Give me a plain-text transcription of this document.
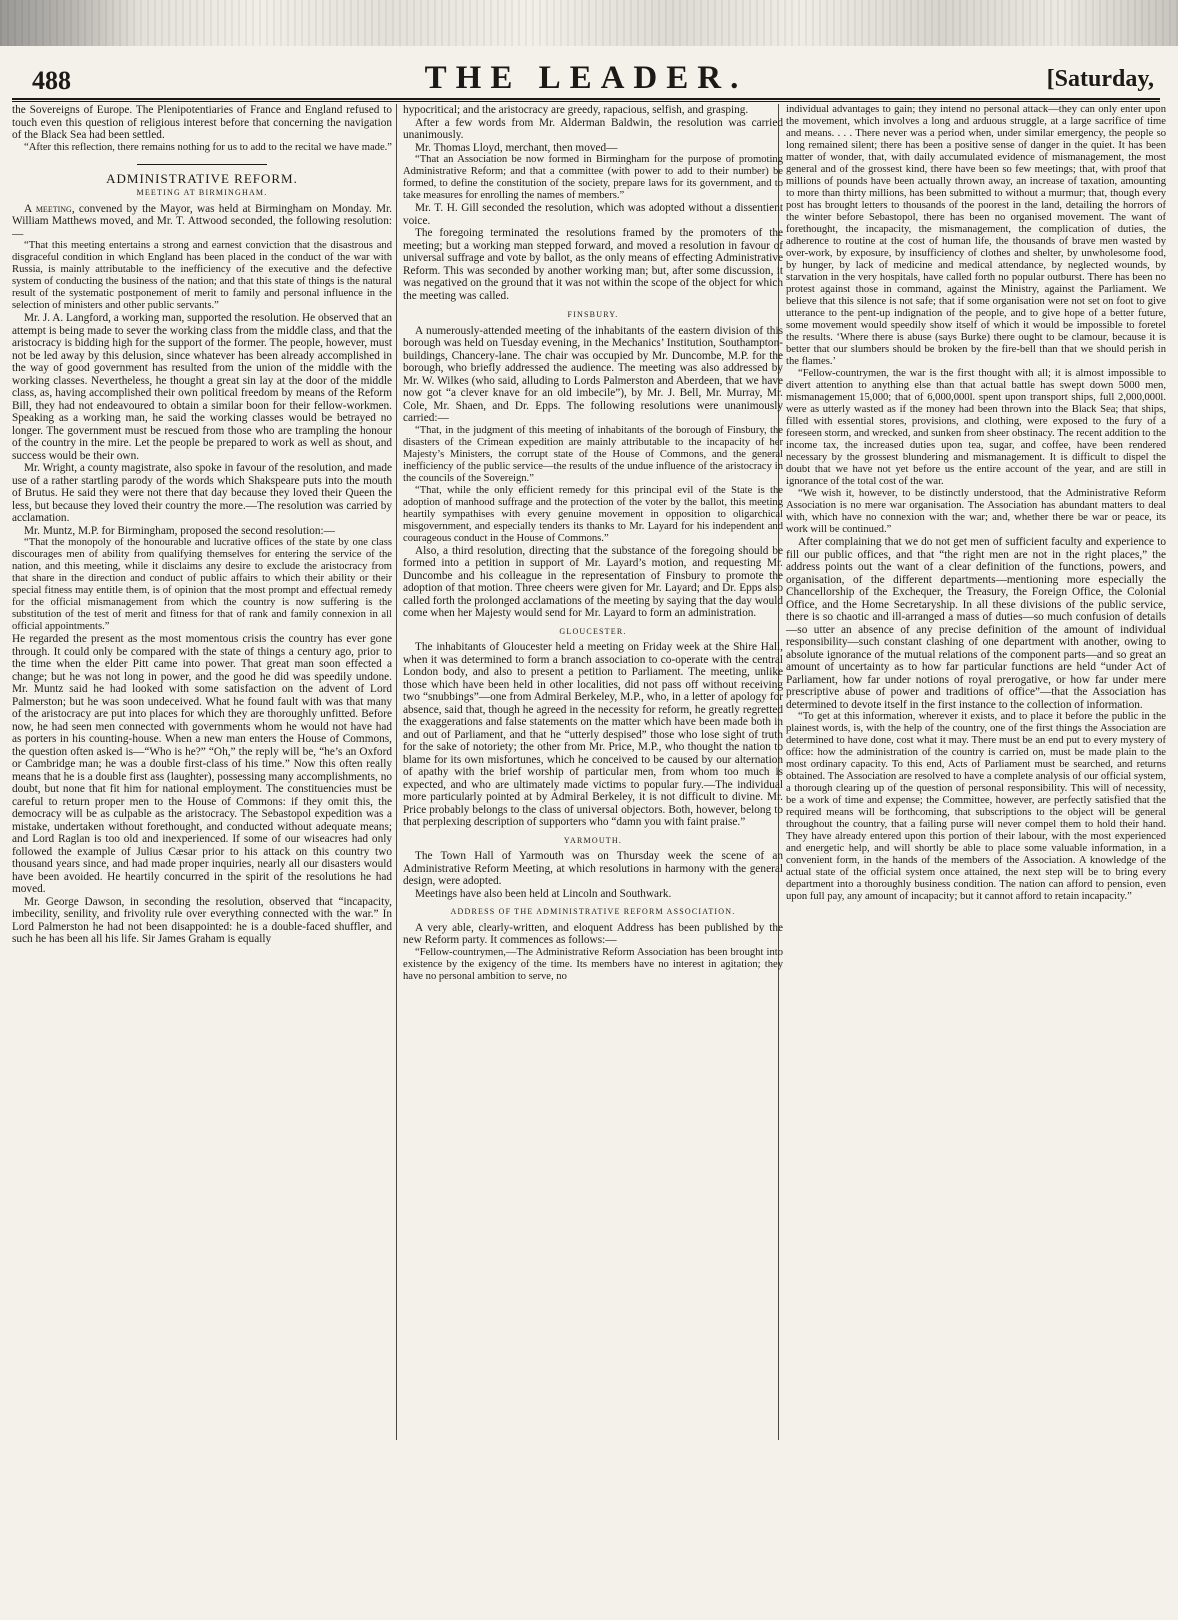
488	THE LEADER.	[Saturday,

the Sovereigns of Europe. The Plenipotentiaries of France and England refused to touch even this question of religious interest before that concerning the navigation of the Black Sea had been settled.

“After this reflection, there remains nothing for us to add to the recital we have made.”

ADMINISTRATIVE REFORM.
MEETING AT BIRMINGHAM.

A meeting, convened by the Mayor, was held at Birmingham on Monday. Mr. William Matthews moved, and Mr. T. Attwood seconded, the following resolution:—

“That this meeting entertains a strong and earnest conviction that the disastrous and disgraceful condition in which England has been placed in the conduct of the war with Russia, is mainly attributable to the inefficiency of the executive and the defective system of conducting the business of the nation; and that this state of things is the natural result of the systematic postponement of merit to family and personal influence in the selection of ministers and other public servants.”

Mr. J. A. Langford, a working man, supported the resolution. He observed that an attempt is being made to sever the working class from the middle class, and that the aristocracy is bidding high for the support of the former. The people, however, must not be led away by this delusion, since whatever has been already accomplished in the way of good government has resulted from the union of the middle with the working classes. Nevertheless, he thought a great sin lay at the door of the middle class, as, having accomplished their own political freedom by means of the Reform Bill, they had not endeavoured to obtain a similar boon for their fellow-workmen. Speaking as a working man, he said the working classes would be betrayed no longer. The government must be rescued from those who are trampling the honour of the country in the mire. Let the people be prepared to work as well as shout, and success would be their own.

Mr. Wright, a county magistrate, also spoke in favour of the resolution, and made use of a rather startling parody of the words which Shakspeare puts into the mouth of Brutus. He said they were not there that day because they loved their Queen the less, but because they loved their country the more.—The resolution was carried by acclamation.

Mr. Muntz, M.P. for Birmingham, proposed the second resolution:—

“That the monopoly of the honourable and lucrative offices of the state by one class discourages men of ability from qualifying themselves for entering the service of the nation, and this meeting, while it disclaims any desire to exclude the aristocracy from that share in the direction and conduct of public affairs to which their ability or their special fitness may entitle them, is of opinion that the most prompt and effectual remedy for the official mismanagement from which the country is now suffering is the substitution of the test of merit and fitness for that of rank and family connexion in all official appointments.”

He regarded the present as the most momentous crisis the country has ever gone through. It could only be compared with the state of things a century ago, prior to the time when the elder Pitt came into power. That great man soon effected a change; but he was not long in power, and the good he did was speedily undone. Mr. Muntz said he had looked with some satisfaction on the advent of Lord Palmerston; but he was soon undeceived. What he found fault with was that many of the aristocracy are put into places for which they are thoroughly unfitted. Before now, he had seen men connected with governments whom he would not have had as porters in his counting-house. When a new man enters the House of Commons, the question often asked is—“Who is he?” “Oh,” the reply will be, “he’s an Oxford or Cambridge man; he was a double first-class of his time.” Now this often really means that he is a double first ass (laughter), possessing many accomplishments, no doubt, but none that fit him for national employment. The constituencies must be careful to return proper men to the House of Commons: if they omit this, the democracy will be as culpable as the aristocracy. The Sebastopol expedition was a mistake, undertaken without forethought, and conducted without adequate means; and Lord Raglan is too old and inexperienced. If some of our wiseacres had only followed the example of Julius Cæsar prior to his attack on this country two thousand years since, and had made proper inquiries, nearly all our disasters would have been avoided. He heartily concurred in the spirit of the resolutions he had moved.

Mr. George Dawson, in seconding the resolution, observed that “incapacity, imbecility, senility, and frivolity rule over everything connected with the war.” In Lord Palmerston he had not been disappointed: he is a double-faced shuffler, and such he has been all his life. Sir James Graham is equally

hypocritical; and the aristocracy are greedy, rapacious, selfish, and grasping.

After a few words from Mr. Alderman Baldwin, the resolution was carried unanimously.

Mr. Thomas Lloyd, merchant, then moved—

“That an Association be now formed in Birmingham for the purpose of promoting Administrative Reform; and that a committee (with power to add to their number) be formed, to define the constitution of the society, prepare laws for its government, and to take measures for enrolling the names of members.”

Mr. T. H. Gill seconded the resolution, which was adopted without a dissentient voice.

The foregoing terminated the resolutions framed by the promoters of the meeting; but a working man stepped forward, and moved a resolution in favour of universal suffrage and vote by ballot, as the only means of effecting Administrative Reform. This was seconded by another working man; but, after some discussion, it was negatived on the ground that it was not within the scope of the object for which the meeting was called.

FINSBURY.

A numerously-attended meeting of the inhabitants of the eastern division of this borough was held on Tuesday evening, in the Mechanics’ Institution, Southampton-buildings, Chancery-lane. The chair was occupied by Mr. Duncombe, M.P. for the borough, who briefly addressed the audience. The meeting was also addressed by Mr. W. Wilkes (who said, alluding to Lords Palmerston and Aberdeen, that we have now got “a clever knave for an old imbecile”), by Mr. J. Bell, Mr. Murray, Mr. Cole, Mr. Shaen, and Dr. Epps. The following resolutions were unanimously carried:—

“That, in the judgment of this meeting of inhabitants of the borough of Finsbury, the disasters of the Crimean expedition are mainly attributable to the incapacity of her Majesty’s Ministers, the corrupt state of the House of Commons, and the general inefficiency of the public service—the results of the undue influence of the aristocracy in the councils of the Sovereign.”

“That, while the only efficient remedy for this principal evil of the State is the adoption of manhood suffrage and the protection of the voter by the ballot, this meeting heartily sympathises with every genuine movement in opposition to oligarchical misgovernment, and especially tenders its thanks to Mr. Layard for his independent and courageous conduct in the House of Commons.”

Also, a third resolution, directing that the substance of the foregoing should be formed into a petition in support of Mr. Layard’s motion, and requesting Mr. Duncombe and his colleague in the representation of Finsbury to promote the adoption of that motion. Three cheers were given for Mr. Layard; and Dr. Epps also called forth the prolonged acclamations of the meeting by saying that the day would come when her Majesty would send for Mr. Layard to form an administration.

GLOUCESTER.

The inhabitants of Gloucester held a meeting on Friday week at the Shire Hall, when it was determined to form a branch association to co-operate with the central London body, and also to present a petition to Parliament. The meeting, unlike those which have been held in other localities, did not pass off without receiving two “snubbings”—one from Admiral Berkeley, M.P., who, in a letter of apology for absence, said that, though he agreed in the necessity for reform, he greatly regretted the exaggerations and false statements on the matter which have been made both in and out of Parliament, and that he “utterly despised” those who lose sight of truth for the sake of notoriety; the other from Mr. Price, M.P., who thought the nation to blame for its own misfortunes, which he conceived to be caused by our alternation of apathy with the brief worship of particular men, from whom too much is expected, and who are ultimately made victims to popular fury.—The individual more particularly pointed at by Admiral Berkeley, it is not difficult to divine. Mr. Price probably belongs to the class of universal objectors. Both, however, belong to that perplexing description of supporters who “damn you with faint praise.”

YARMOUTH.

The Town Hall of Yarmouth was on Thursday week the scene of an Administrative Reform Meeting, at which resolutions in harmony with the general design, were adopted.

Meetings have also been held at Lincoln and Southwark.

ADDRESS OF THE ADMINISTRATIVE REFORM ASSOCIATION.

A very able, clearly-written, and eloquent Address has been published by the new Reform party. It commences as follows:—

“Fellow-countrymen,—The Administrative Reform Association has been brought into existence by the exigency of the time. Its members have no interest in agitation; they have no personal ambition to serve, no

individual advantages to gain; they intend no personal attack—they can only enter upon the movement, which involves a long and arduous struggle, at a large sacrifice of time and means. . . . There never was a period when, under similar emergency, the people so long remained silent; there has been a positive sense of danger in the quiet. It has been matter of wonder, that, with daily accumulated evidence of mismanagement, the most general and of the grossest kind, there have been so few meetings; that, with proof that millions of pounds have been actually thrown away, an increase of taxation, amounting to more than thirty millions, has been submitted to without a murmur; that, though every post has brought letters to thousands of the poorest in the land, detailing the horrors of the winter before Sebastopol, there has been no organised movement. The want of forethought, the incapacity, the mismanagement, the complication of duties, the adherence to routine at the cost of human life, the thousands of brave men wasted by over-work, by exposure, by insufficiency of clothes and shelter, by unwholesome food, by hunger, by lack of medicine and medical attendance, by neglected wounds, by starvation in the very hospitals, have called forth no popular outburst. There has been no protest against those in command, against the Ministry, against the Parliament. We believe that this silence is not safe; that if some organisation were not set on foot to give utterance to the pent-up indignation of the people, and to give hope of a better future, some movement would speedily show itself of which it would be impossible to foretel the results. ‘Where there is abuse (says Burke) there ought to be clamour, because it is better that our slumbers should be broken by the fire-bell than that we should perish in the flames.’

“Fellow-countrymen, the war is the first thought with all; it is almost impossible to divert attention to anything else than that actual battle has swept down 5000 men, mismanagement 15,000; that of 6,000,000l. spent upon transport ships, full 2,000,000l. were as utterly wasted as if the money had been thrown into the Black Sea; that ships, filled with essential stores, provisions, and clothing, were exposed to the fury of a foreseen storm, and wrecked, and sunken from sheer obstinacy. The recent addition to the income tax, the increased duties upon tea, sugar, and coffee, have been rendered necessary by the grossest blundering and mismanagement. It is difficult to dispel the doubt that we have not yet before us the entire account of the year, and are still in ignorance of the total cost of the war.

“We wish it, however, to be distinctly understood, that the Administrative Reform Association is no mere war organisation. The Association has abundant matters to deal with, which have no connexion with the war; and, whether there be war or peace, its work will be continued.”

After complaining that we do not get men of sufficient faculty and experience to fill our public offices, and that “the right men are not in the right places,” the address points out the want of a clear definition of the functions, powers, and organisation, of the different departments—mentioning more especially the Chancellorship of the Exchequer, the Treasury, the Foreign Office, the Colonial Office, and the Home Secretaryship. In all these divisions of the public service, there is so chaotic and ill-arranged a mass of duties—so much confusion of details—so utter an absence of any precise definition of the amount of individual responsibility—such constant clashing of one department with another, owing to absolute ignorance of the mutual relations of the component parts—and so great an amount of uncertainty as to how far particular functions are held “under Act of Parliament, how far under notions of royal prerogative, or how far under mere prescriptive abuse of power and traditions of office”—that the Association has determined to devote itself in the first instance to the collection of information.

“To get at this information, wherever it exists, and to place it before the public in the plainest words, is, with the help of the country, one of the first things the Association are determined to have done, cost what it may. There must be an end put to every mystery of office: how the administration of the country is carried on, must be made plain to the most ordinary capacity. To this end, Acts of Parliament must be searched, and returns obtained. The Association are resolved to have a complete analysis of our official system, a thorough clearing up of the question of personal responsibility. This will of necessity, be a work of time and expense; the Committee, however, are perfectly satisfied that the required means will be forthcoming, that subscriptions to the object will be general throughout the country, that a failing purse will never compel them to hold their hand. They have already entered upon this portion of their labour, with the most experienced and energetic help, and will shortly be able to place some valuable information, in a convenient form, in the hands of the members of the Association. A knowledge of the actual state of the official system once attained, the next step will be to bring every department into a thoroughly business condition. The nation can afford to pension, even upon full pay, any amount of incapacity; but it cannot afford to retain incapacity.”
